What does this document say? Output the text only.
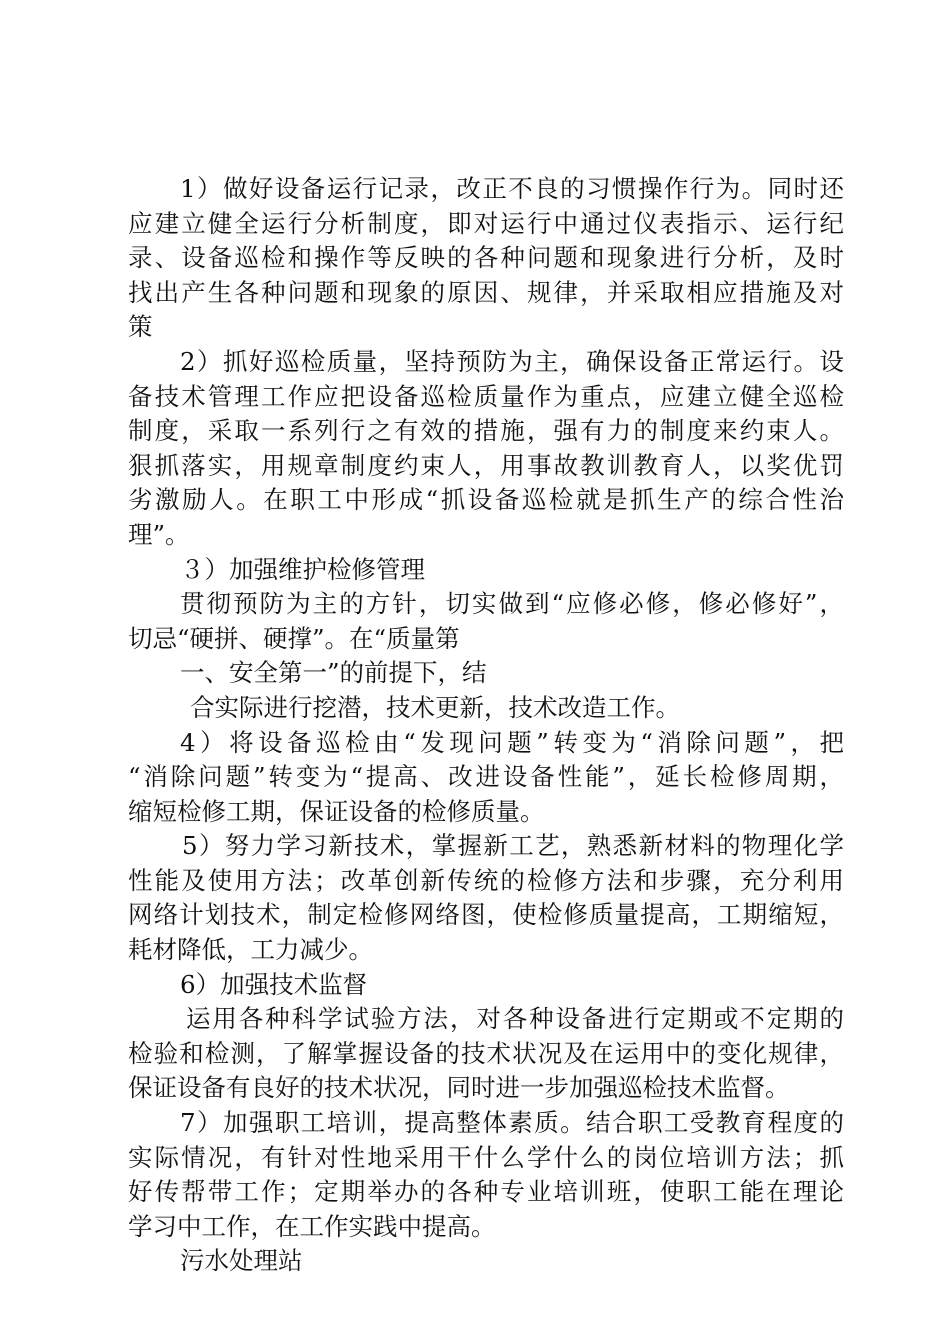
1）做好设备运行记录，改正不良的习惯操作行为。同时还
应建立健全运行分析制度，即对运行中通过仪表指示、运行纪
录、设备巡检和操作等反映的各种问题和现象进行分析，及时
找出产生各种问题和现象的原因、规律，并采取相应措施及对
策
2）抓好巡检质量，坚持预防为主，确保设备正常运行。设
备技术管理工作应把设备巡检质量作为重点，应建立健全巡检
制度，采取一系列行之有效的措施，强有力的制度来约束人。
狠抓落实，用规章制度约束人，用事故教训教育人，以奖优罚
劣激励人。在职工中形成“抓设备巡检就是抓生产的综合性治
理”。
３）加强维护检修管理
贯彻预防为主的方针，切实做到“应修必修，修必修好”，
切忌“硬拼、硬撑”。在“质量第
一、安全第一”的前提下，结
合实际进行挖潜，技术更新，技术改造工作。
4）将设备巡检由“发现问题”转变为“消除问题”，把
“消除问题”转变为“提高、改进设备性能”，延长检修周期，
缩短检修工期，保证设备的检修质量。
5）努力学习新技术，掌握新工艺，熟悉新材料的物理化学
性能及使用方法；改革创新传统的检修方法和步骤，充分利用
网络计划技术，制定检修网络图，使检修质量提高，工期缩短，
耗材降低，工力减少。
6）加强技术监督
运用各种科学试验方法，对各种设备进行定期或不定期的
检验和检测，了解掌握设备的技术状况及在运用中的变化规律，
保证设备有良好的技术状况，同时进一步加强巡检技术监督。
7）加强职工培训，提高整体素质。结合职工受教育程度的
实际情况，有针对性地采用干什么学什么的岗位培训方法；抓
好传帮带工作；定期举办的各种专业培训班，使职工能在理论
学习中工作，在工作实践中提高。
污水处理站
